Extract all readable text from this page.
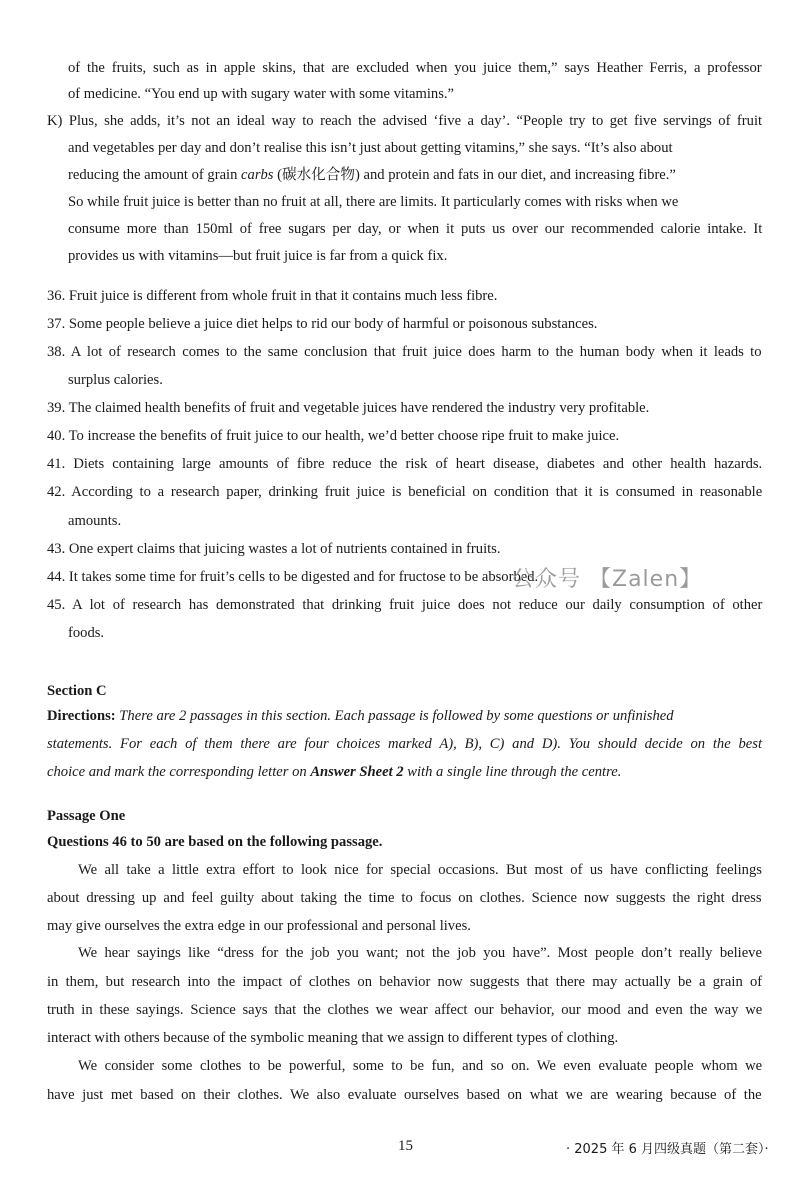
of the fruits, such as in apple skins, that are excluded when you juice them,” says Heather Ferris, a professor
of medicine. “You end up with sugary water with some vitamins.”
K) Plus, she adds, it’s not an ideal way to reach the advised ‘five a day’. “People try to get five servings of fruit
and vegetables per day and don’t realise this isn’t just about getting vitamins,” she says. “It’s also about
reducing the amount of grain carbs (碳水化合物) and protein and fats in our diet, and increasing fibre.”
So while fruit juice is better than no fruit at all, there are limits. It particularly comes with risks when we
consume more than 150ml of free sugars per day, or when it puts us over our recommended calorie intake. It
provides us with vitamins—but fruit juice is far from a quick fix.
36. Fruit juice is different from whole fruit in that it contains much less fibre.
37. Some people believe a juice diet helps to rid our body of harmful or poisonous substances.
38. A lot of research comes to the same conclusion that fruit juice does harm to the human body when it leads to
surplus calories.
39. The claimed health benefits of fruit and vegetable juices have rendered the industry very profitable.
40. To increase the benefits of fruit juice to our health, we’d better choose ripe fruit to make juice.
41. Diets containing large amounts of fibre reduce the risk of heart disease, diabetes and other health hazards.
42. According to a research paper, drinking fruit juice is beneficial on condition that it is consumed in reasonable
amounts.
43. One expert claims that juicing wastes a lot of nutrients contained in fruits.
44. It takes some time for fruit’s cells to be digested and for fructose to be absorbed.
45. A lot of research has demonstrated that drinking fruit juice does not reduce our daily consumption of other
foods.
公众号 【Zalen】
Section C
Directions: There are 2 passages in this section. Each passage is followed by some questions or unfinished
statements. For each of them there are four choices marked A), B), C) and D). You should decide on the best
choice and mark the corresponding letter on Answer Sheet 2 with a single line through the centre.
Passage One
Questions 46 to 50 are based on the following passage.
We all take a little extra effort to look nice for special occasions. But most of us have conflicting feelings
about dressing up and feel guilty about taking the time to focus on clothes. Science now suggests the right dress
may give ourselves the extra edge in our professional and personal lives.
We hear sayings like “dress for the job you want; not the job you have”. Most people don’t really believe
in them, but research into the impact of clothes on behavior now suggests that there may actually be a grain of
truth in these sayings. Science says that the clothes we wear affect our behavior, our mood and even the way we
interact with others because of the symbolic meaning that we assign to different types of clothing.
We consider some clothes to be powerful, some to be fun, and so on. We even evaluate people whom we
have just met based on their clothes. We also evaluate ourselves based on what we are wearing because of the
15	· 2025 年 6 月四级真题（第二套）·
